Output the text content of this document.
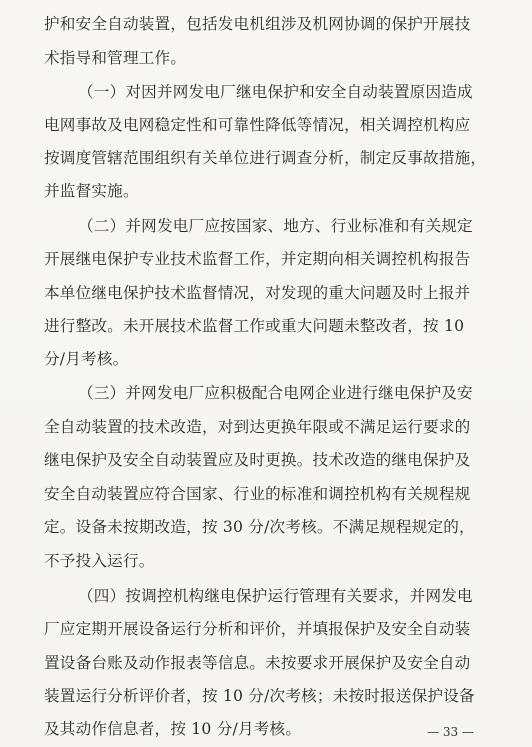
护和安全自动装置，包括发电机组涉及机网协调的保护开展技
术指导和管理工作。
（一）对因并网发电厂继电保护和安全自动装置原因造成
电网事故及电网稳定性和可靠性降低等情况，相关调控机构应
按调度管辖范围组织有关单位进行调查分析，制定反事故措施，
并监督实施。
（二）并网发电厂应按国家、地方、行业标准和有关规定
开展继电保护专业技术监督工作，并定期向相关调控机构报告
本单位继电保护技术监督情况，对发现的重大问题及时上报并
进行整改。未开展技术监督工作或重大问题未整改者，按 10
分/月考核。
（三）并网发电厂应积极配合电网企业进行继电保护及安
全自动装置的技术改造，对到达更换年限或不满足运行要求的
继电保护及安全自动装置应及时更换。技术改造的继电保护及
安全自动装置应符合国家、行业的标准和调控机构有关规程规
定。设备未按期改造，按 30 分/次考核。不满足规程规定的，
不予投入运行。
（四）按调控机构继电保护运行管理有关要求，并网发电
厂应定期开展设备运行分析和评价，并填报保护及安全自动装
置设备台账及动作报表等信息。未按要求开展保护及安全自动
装置运行分析评价者，按 10 分/次考核；未按时报送保护设备
及其动作信息者，按 10 分/月考核。	— 33 —
